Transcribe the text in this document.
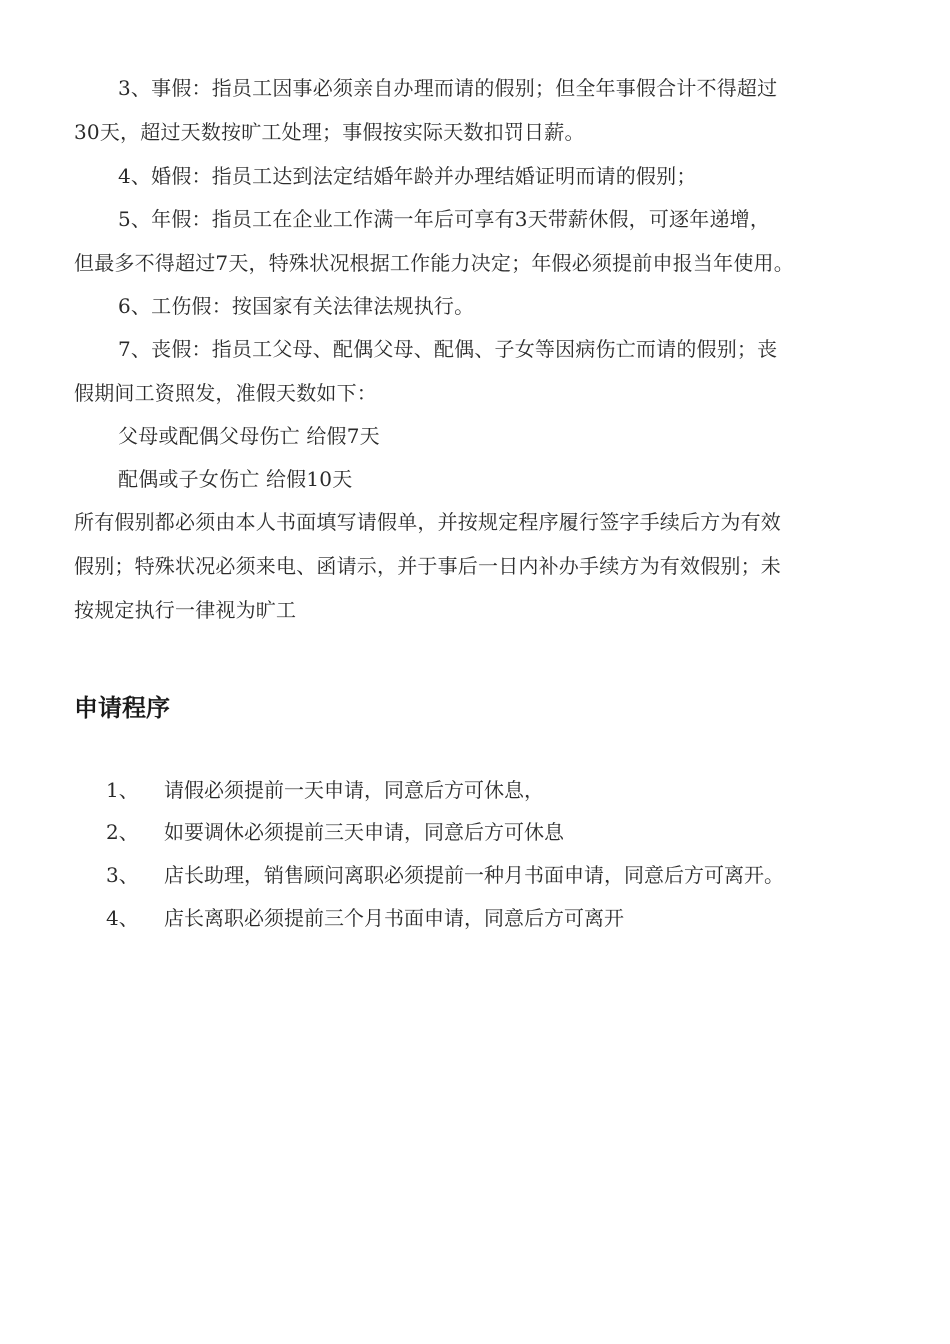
3、事假：指员工因事必须亲自办理而请的假别；但全年事假合计不得超过
30天，超过天数按旷工处理；事假按实际天数扣罚日薪。
4、婚假：指员工达到法定结婚年龄并办理结婚证明而请的假别；
5、年假：指员工在企业工作满一年后可享有3天带薪休假，可逐年递增，
但最多不得超过7天，特殊状况根据工作能力决定；年假必须提前申报当年使用。
6、工伤假：按国家有关法律法规执行。
7、丧假：指员工父母、配偶父母、配偶、子女等因病伤亡而请的假别；丧
假期间工资照发，准假天数如下：
父母或配偶父母伤亡 给假7天
配偶或子女伤亡 给假10天
所有假别都必须由本人书面填写请假单，并按规定程序履行签字手续后方为有效
假别；特殊状况必须来电、函请示，并于事后一日内补办手续方为有效假别；未
按规定执行一律视为旷工
申请程序
1、 请假必须提前一天申请，同意后方可休息，
2、 如要调休必须提前三天申请，同意后方可休息
3、 店长助理，销售顾问离职必须提前一种月书面申请，同意后方可离开。
4、 店长离职必须提前三个月书面申请，同意后方可离开
